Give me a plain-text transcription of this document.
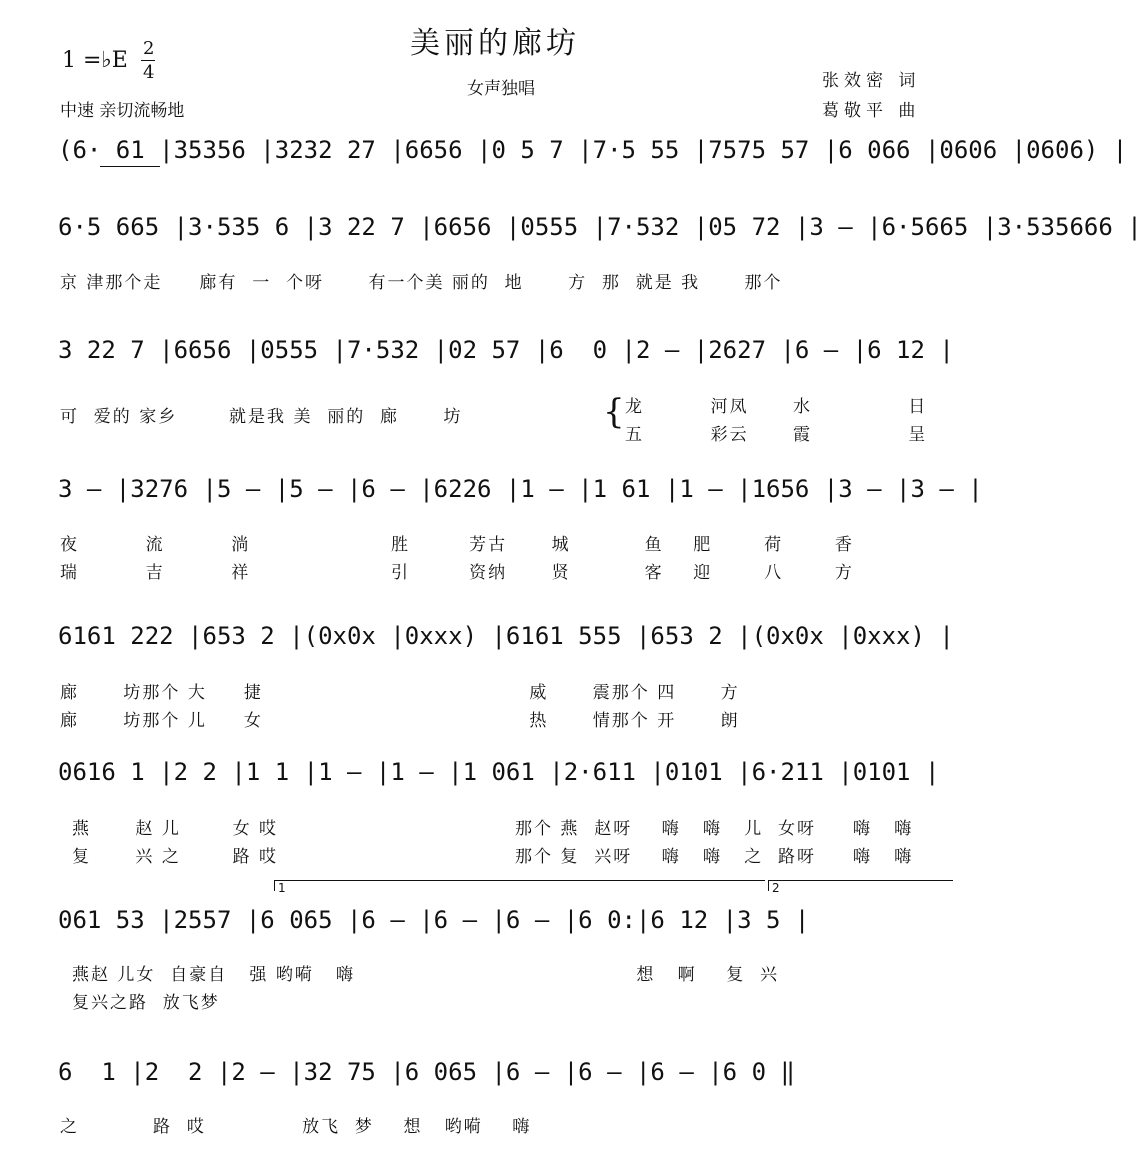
美丽的廊坊
1 =♭E 2
4
中速 亲切流畅地
女声独唱	张效密 词
葛敬平 曲
(6· 61 |35356 |3232 27 |6656 |0 5 7 |7·5 55 |7575 57 |6 066 |0606 |0606) |
6·5 665 |3·535 6 |3 22 7 |6656 |0555 |7·532 |05 72 |3 — |6·5665 |3·535666 |
京 津那个走     廊有  一  个呀      有一个美 丽的  地      方  那  就是 我      那个
3 22 7 |6656 |0555 |7·532 |02 57 |6  0 |2 — |2627 |6 — |6 12 |
可  爱的 家乡       就是我 美  丽的  廊      坊	{ 龙         河凤      水             日
五         彩云      霞             呈
3 — |3276 |5 — |5 — |6 — |6226 |1 — |1 61 |1 — |1656 |3 — |3 — |
夜         流         淌                   胜        芳古      城          鱼    肥       荷       香
瑞         吉         祥                   引        资纳      贤          客    迎       八       方
6161 222 |653 2 |(0x0x |0xxx) |6161 555 |653 2 |(0x0x |0xxx) |
廊      坊那个 大     捷                                    威      震那个 四      方
廊      坊那个 儿     女                                    热      情那个 开      朗
0616 1 |2 2 |1 1 |1 — |1 — |1 061 |2·611 |0101 |6·211 |0101 |
燕      赵 儿       女 哎                                那个 燕  赵呀    嗨   嗨   儿  女呀     嗨   嗨
复      兴 之       路 哎                                那个 复  兴呀    嗨   嗨   之  路呀     嗨   嗨
1	2
061 53 |2557 |6 065 |6 — |6 — |6 — |6 0:|6 12 |3 5 |
燕赵 儿女  自豪自   强 哟嗬   嗨                                      想   啊    复  兴
复兴之路  放飞梦
6  1 |2  2 |2 — |32 75 |6 065 |6 — |6 — |6 — |6 0 ‖
之          路  哎             放飞  梦    想   哟嗬    嗨
